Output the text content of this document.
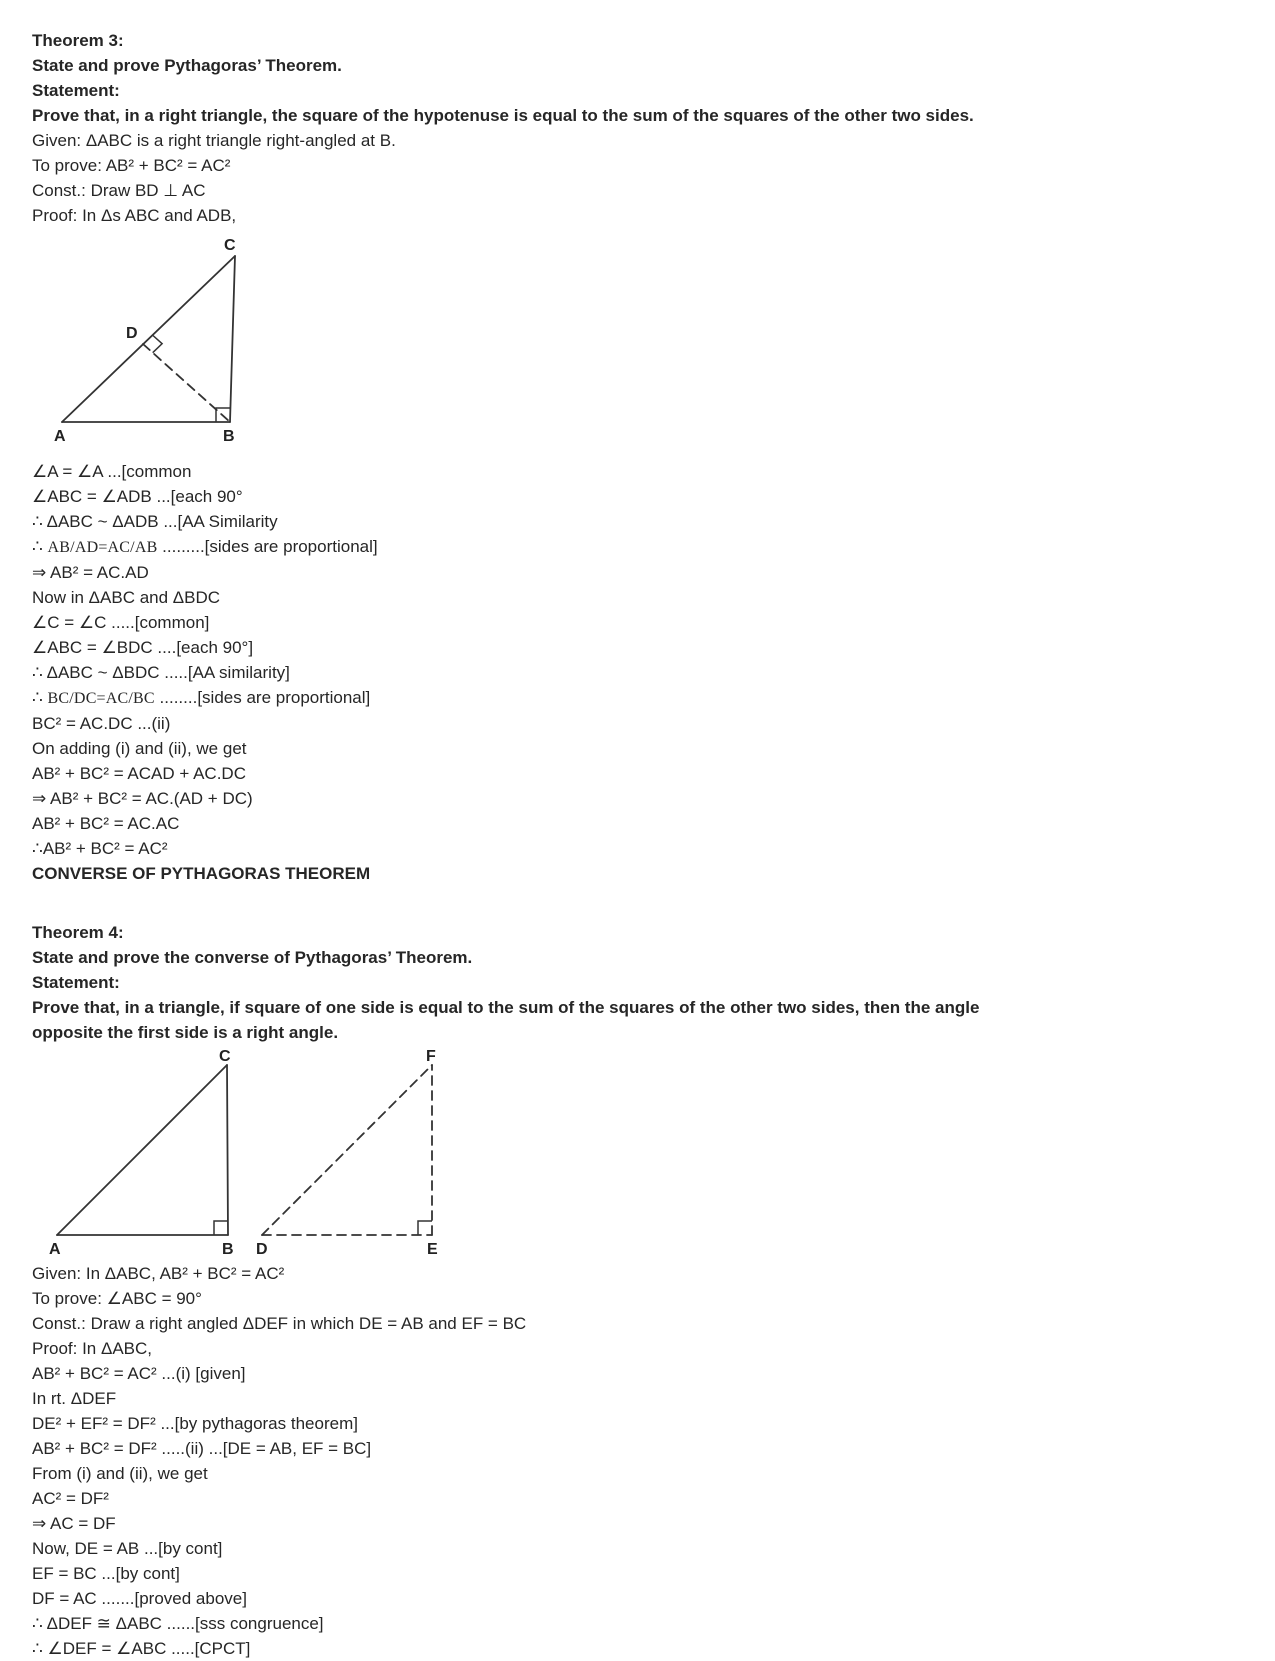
Theorem 3:
State and prove Pythagoras’ Theorem.
Statement:
Prove that, in a right triangle, the square of the hypotenuse is equal to the sum of the squares of the other two sides.
Given: ΔABC is a right triangle right-angled at B.
To prove: AB² + BC² = AC²
Const.: Draw BD ⊥ AC
Proof: In Δs ABC and ADB,
A	B
C
D
∠A = ∠A ...[common
∠ABC = ∠ADB ...[each 90°
∴ ΔABC ~ ΔADB ...[AA Similarity
∴ AB/AD=AC/AB .........[sides are proportional]
⇒ AB² = AC.AD
Now in ΔABC and ΔBDC
∠C = ∠C .....[common]
∠ABC = ∠BDC ....[each 90°]
∴ ΔABC ~ ΔBDC .....[AA similarity]
∴ BC/DC=AC/BC ........[sides are proportional]
BC² = AC.DC ...(ii)
On adding (i) and (ii), we get
AB² + BC² = ACAD + AC.DC
⇒ AB² + BC² = AC.(AD + DC)
AB² + BC² = AC.AC
∴AB² + BC² = AC²
CONVERSE OF PYTHAGORAS THEOREM
Theorem 4:
State and prove the converse of Pythagoras’ Theorem.
Statement:
Prove that, in a triangle, if square of one side is equal to the sum of the squares of the other two sides, then the angle
opposite the first side is a right angle.
A	B
C
D	E
F
Given: In ΔABC, AB² + BC² = AC²
To prove: ∠ABC = 90°
Const.: Draw a right angled ΔDEF in which DE = AB and EF = BC
Proof: In ΔABC,
AB² + BC² = AC² ...(i) [given]
In rt. ΔDEF
DE² + EF² = DF² ...[by pythagoras theorem]
AB² + BC² = DF² .....(ii) ...[DE = AB, EF = BC]
From (i) and (ii), we get
AC² = DF²
⇒ AC = DF
Now, DE = AB ...[by cont]
EF = BC ...[by cont]
DF = AC .......[proved above]
∴ ΔDEF ≅ ΔABC ......[sss congruence]
∴ ∠DEF = ∠ABC .....[CPCT]
